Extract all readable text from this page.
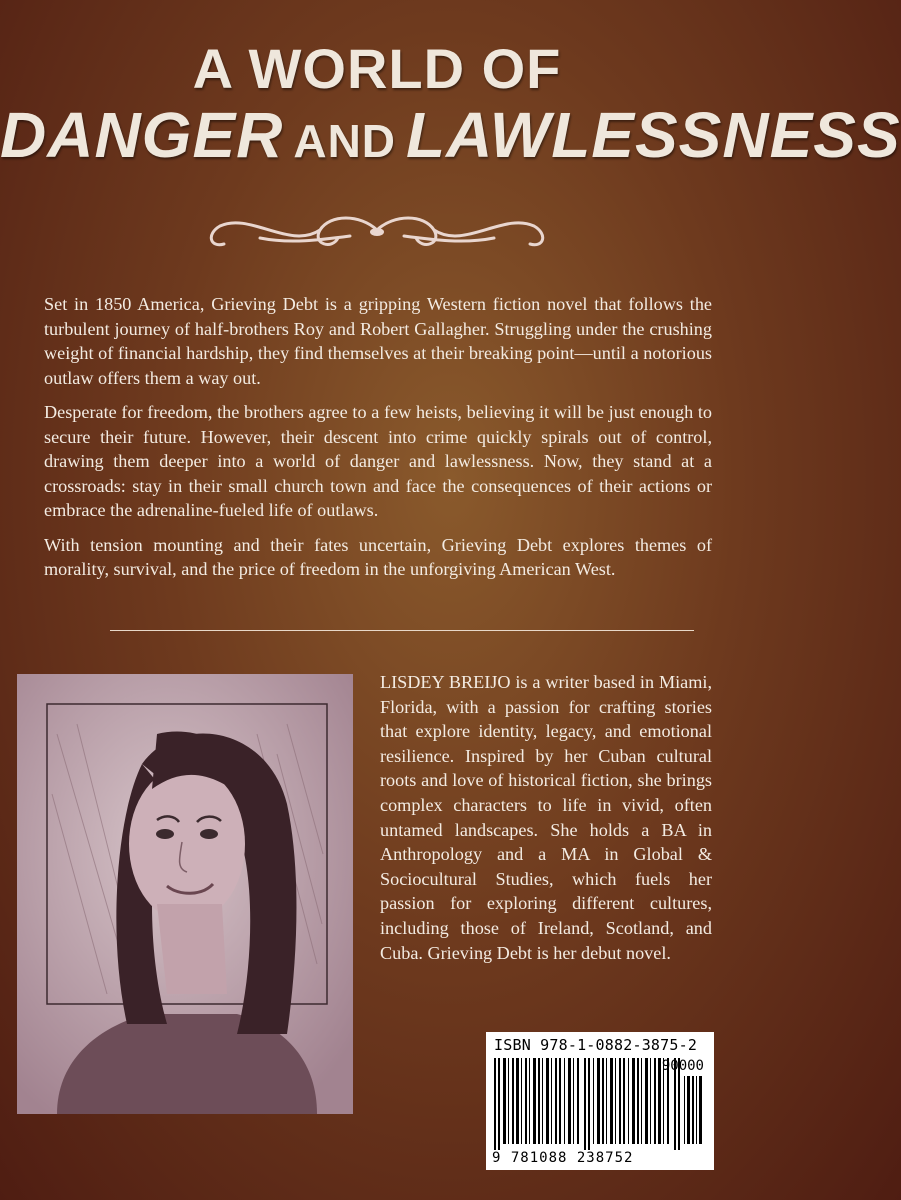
A WORLD OF
DANGER AND LAWLESSNESS

Set in 1850 America, Grieving Debt is a gripping Western fiction novel that follows the turbulent journey of half-brothers Roy and Robert Gallagher. Struggling under the crushing weight of financial hardship, they find themselves at their breaking point—until a notorious outlaw offers them a way out.

Desperate for freedom, the brothers agree to a few heists, believing it will be just enough to secure their future. However, their descent into crime quickly spirals out of control, drawing them deeper into a world of danger and lawlessness. Now, they stand at a crossroads: stay in their small church town and face the consequences of their actions or embrace the adrenaline-fueled life of outlaws.

With tension mounting and their fates uncertain, Grieving Debt explores themes of morality, survival, and the price of freedom in the unforgiving American West.

LISDEY BREIJO is a writer based in Miami, Florida, with a passion for crafting stories that explore identity, legacy, and emotional resilience. Inspired by her Cuban cultural roots and love of historical fiction, she brings complex characters to life in vivid, often untamed landscapes. She holds a BA in Anthropology and a MA in Global & Sociocultural Studies, which fuels her passion for exploring different cultures, including those of Ireland, Scotland, and Cuba. Grieving Debt is her debut novel.

ISBN 978-1-0882-3875-2
90000
9 781088 238752
